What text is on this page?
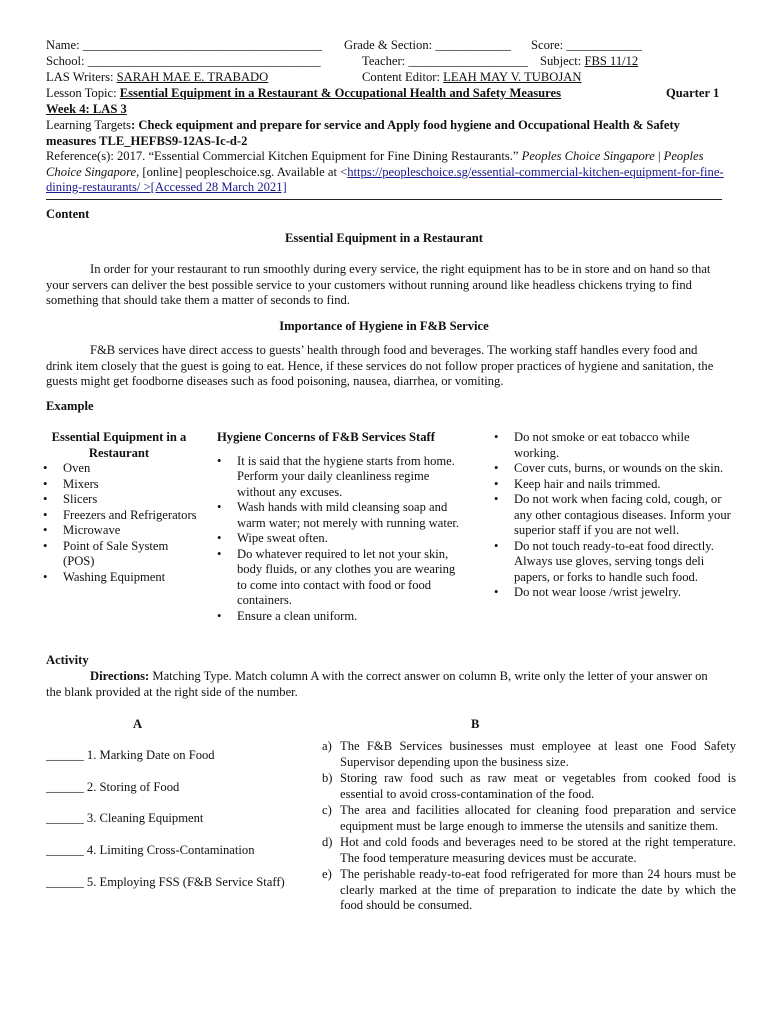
Name: ______________________________________ Grade & Section: ____________ Score: ____________
School: _____________________________________	Teacher: ___________________ Subject: FBS 11/12
LAS Writers: SARAH MAE E. TRABADO	Content Editor: LEAH MAY V. TUBOJAN
Lesson Topic: Essential Equipment in a Restaurant & Occupational Health and Safety Measures	Quarter 1
Week 4: LAS 3
Learning Targets: Check equipment and prepare for service and Apply food hygiene and Occupational Health & Safety measures TLE_HEFBS9-12AS-Ic-d-2
Reference(s): 2017. “Essential Commercial Kitchen Equipment for Fine Dining Restaurants.” Peoples Choice Singapore | Peoples Choice Singapore, [online] peopleschoice.sg. Available at <https://peopleschoice.sg/essential-commercial-kitchen-equipment-for-fine-dining-restaurants/ >[Accessed 28 March 2021]
Content
Essential Equipment in a Restaurant
In order for your restaurant to run smoothly during every service, the right equipment has to be in store and on hand so that your servers can deliver the best possible service to your customers without running around like headless chickens trying to find something that should take them a matter of seconds to find.
Importance of Hygiene in F&B Service
F&B services have direct access to guests’ health through food and beverages. The working staff handles every food and drink item closely that the guest is going to eat. Hence, if these services do not follow proper practices of hygiene and sanitation, the guests might get foodborne diseases such as food poisoning, nausea, diarrhea, or vomiting.
Example
Essential Equipment in a Restaurant
• Oven
• Mixers
• Slicers
• Freezers and Refrigerators
• Microwave
• Point of Sale System (POS)
• Washing Equipment
Hygiene Concerns of F&B Services Staff
• It is said that the hygiene starts from home. Perform your daily cleanliness regime without any excuses.
• Wash hands with mild cleansing soap and warm water; not merely with running water.
• Wipe sweat often.
• Do whatever required to let not your skin, body fluids, or any clothes you are wearing to come into contact with food or food containers.
• Ensure a clean uniform.
• Do not smoke or eat tobacco while working.
• Cover cuts, burns, or wounds on the skin.
• Keep hair and nails trimmed.
• Do not work when facing cold, cough, or any other contagious diseases. Inform your superior staff if you are not well.
• Do not touch ready-to-eat food directly. Always use gloves, serving tongs deli papers, or forks to handle such food.
• Do not wear loose /wrist jewelry.
Activity
Directions: Matching Type. Match column A with the correct answer on column B, write only the letter of your answer on the blank provided at the right side of the number.
A	B
______ 1. Marking Date on Food
______ 2. Storing of Food
______ 3. Cleaning Equipment
______ 4. Limiting Cross-Contamination
______ 5. Employing FSS (F&B Service Staff)
a) The F&B Services businesses must employee at least one Food Safety Supervisor depending upon the business size.
b) Storing raw food such as raw meat or vegetables from cooked food is essential to avoid cross-contamination of the food.
c) The area and facilities allocated for cleaning food preparation and service equipment must be large enough to immerse the utensils and sanitize them.
d) Hot and cold foods and beverages need to be stored at the right temperature. The food temperature measuring devices must be accurate.
e) The perishable ready-to-eat food refrigerated for more than 24 hours must be clearly marked at the time of preparation to indicate the date by which the food should be consumed.
